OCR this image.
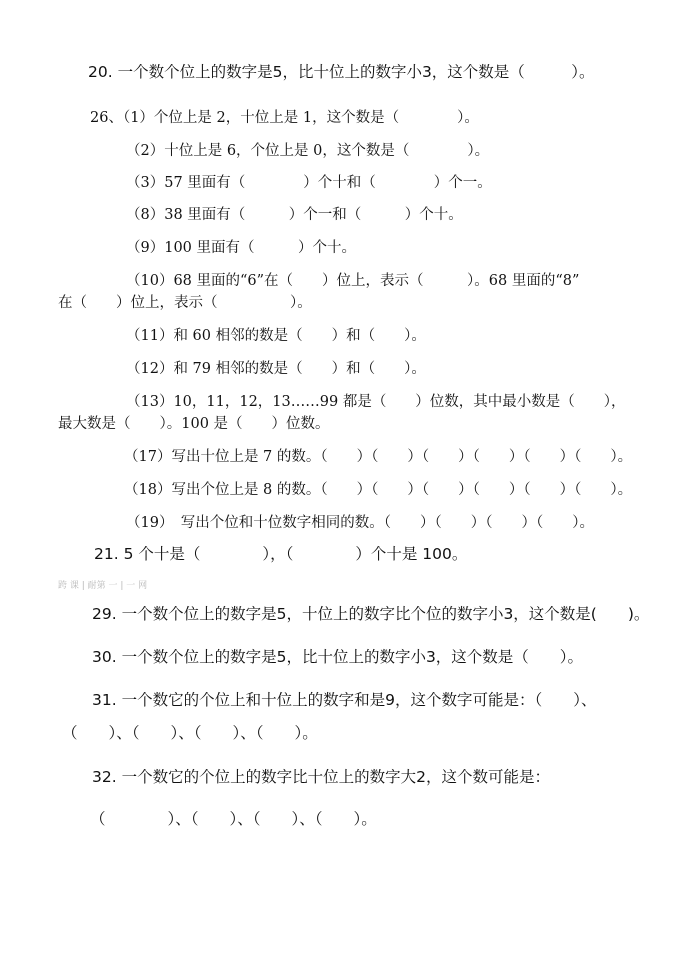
20. 一个数个位上的数字是5，比十位上的数字小3，这个数是（　　　）。
26、（1）个位上是 2，十位上是 1，这个数是（　　　　）。
（2）十位上是 6，个位上是 0，这个数是（　　　　）。
（3）57 里面有（　　　　）个十和（　　　　）个一。
（8）38 里面有（　　　）个一和（　　　）个十。
（9）100 里面有（　　　）个十。
（10）68 里面的“6”在（　　）位上，表示（　　　）。68 里面的“8”
在（　　）位上，表示（　　　　　）。
（11）和 60 相邻的数是（　　）和（　　）。
（12）和 79 相邻的数是（　　）和（　　）。
（13）10，11，12，13……99 都是（　　）位数，其中最小数是（　　），
最大数是（　　）。100 是（　　）位数。
（17）写出十位上是 7 的数。（　　）（　　）（　　）（　　）（　　）（　　）。
（18）写出个位上是 8 的数。（　　）（　　）（　　）（　　）（　　）（　　）。
（19）　写出个位和十位数字相同的数。（　　）（　　）（　　）（　　）。
21. 5 个十是（　　　　），（　　　　）个十是 100。
跨 课 | 耐第 一 | 一 网
29. 一个数个位上的数字是5，十位上的数字比个位的数字小3，这个数是(　　)。
30. 一个数个位上的数字是5，比十位上的数字小3，这个数是（　　）。
31. 一个数它的个位上和十位上的数字和是9，这个数字可能是：（　　）、
（　　）、（　　）、（　　）、（　　）。
32. 一个数它的个位上的数字比十位上的数字大2，这个数可能是：
（　　　　）、（　　）、（　　）、（　　）。
